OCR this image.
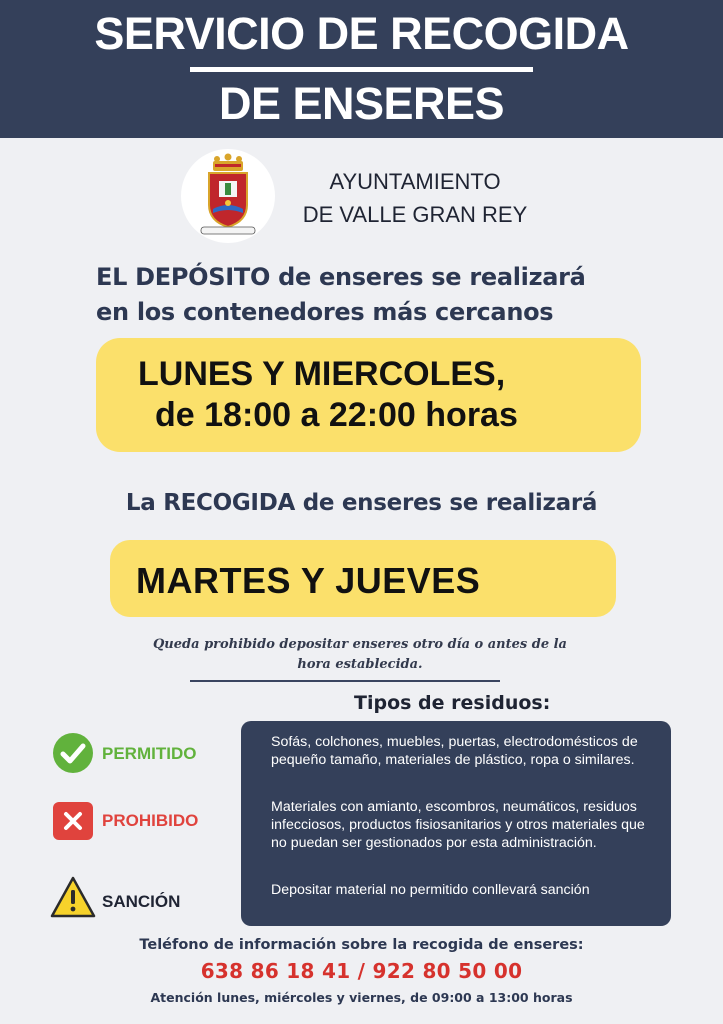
SERVICIO DE RECOGIDA
DE ENSERES
AYUNTAMIENTO
DE VALLE GRAN REY
EL DEPÓSITO de enseres se realizará
en los contenedores más cercanos
LUNES Y MIERCOLES,
de 18:00 a 22:00 horas
La RECOGIDA de enseres se realizará
MARTES Y JUEVES
Queda prohibido depositar enseres otro día o antes de la hora establecida.
Tipos de residuos:
PERMITIDO
PROHIBIDO
SANCIÓN
Sofás, colchones, muebles, puertas, electrodomésticos de pequeño tamaño, materiales de plástico, ropa o similares.
Materiales con amianto, escombros, neumáticos, residuos infecciosos, productos fisiosanitarios y otros materiales que no puedan ser gestionados por esta administración.
Depositar material no permitido conllevará sanción
Teléfono de información sobre la recogida de enseres:
638 86 18 41 / 922 80 50 00
Atención lunes, miércoles y viernes, de 09:00 a 13:00 horas
